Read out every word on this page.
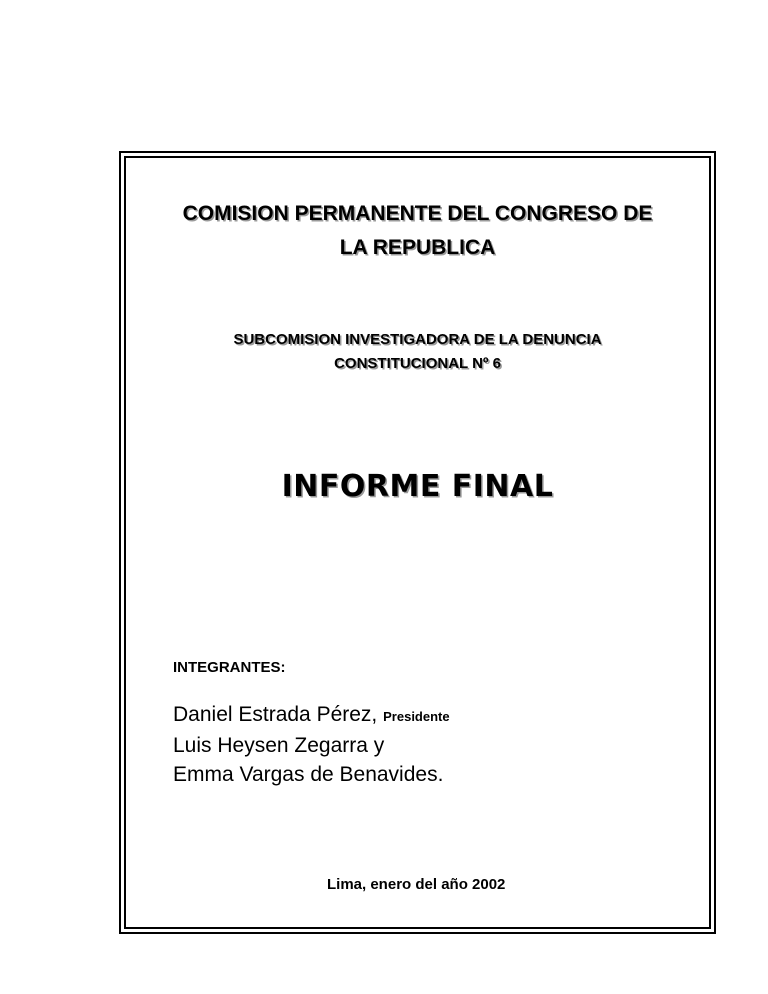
COMISION PERMANENTE DEL CONGRESO DE
LA REPUBLICA
SUBCOMISION INVESTIGADORA DE LA DENUNCIA
CONSTITUCIONAL Nº 6
INFORME FINAL
INTEGRANTES:
Daniel Estrada Pérez, Presidente
Luis Heysen Zegarra y
Emma Vargas de Benavides.
Lima, enero del año 2002
